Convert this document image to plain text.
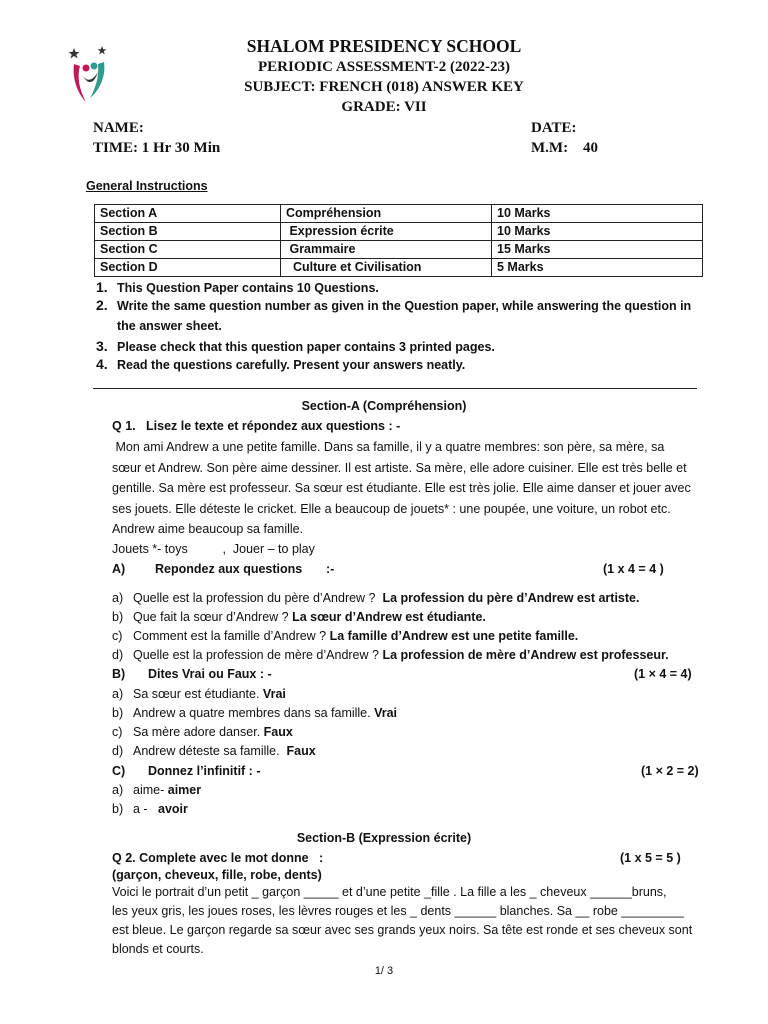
SHALOM PRESIDENCY SCHOOL
PERIODIC ASSESSMENT-2 (2022-23)
SUBJECT: FRENCH (018) ANSWER KEY
GRADE: VII
NAME:	DATE:
TIME: 1 Hr 30 Min	M.M:    40
General Instructions
Section A	Compréhension	10 Marks
Section B	Expression écrite	10 Marks
Section C	Grammaire	15 Marks
Section D	Culture et Civilisation	5 Marks
1. This Question Paper contains 10 Questions.
2. Write the same question number as given in the Question paper, while answering the question in
the answer sheet.
3. Please check that this question paper contains 3 printed pages.
4. Read the questions carefully. Present your answers neatly.
Section-A (Compréhension)
Q 1.   Lisez le texte et répondez aux questions : -
Mon ami Andrew a une petite famille. Dans sa famille, il y a quatre membres: son père, sa mère, sa
sœur et Andrew. Son père aime dessiner. Il est artiste. Sa mère, elle adore cuisiner. Elle est très belle et
gentille. Sa mère est professeur. Sa sœur est étudiante. Elle est très jolie. Elle aime danser et jouer avec
ses jouets. Elle déteste le cricket. Elle a beaucoup de jouets* : une poupée, une voiture, un robot etc.
Andrew aime beaucoup sa famille.
Jouets *- toys          ,  Jouer – to play
A) Repondez aux questions :-	(1 x 4 = 4 )
a) Quelle est la profession du père d’Andrew ?  La profession du père d’Andrew est artiste.
b) Que fait la sœur d’Andrew ? La sœur d’Andrew est étudiante.
c) Comment est la famille d’Andrew ? La famille d’Andrew est une petite famille.
d) Quelle est la profession de mère d’Andrew ? La profession de mère d’Andrew est professeur.
B) Dites Vrai ou Faux : -	(1 × 4 = 4)
a) Sa sœur est étudiante. Vrai
b) Andrew a quatre membres dans sa famille. Vrai
c) Sa mère adore danser. Faux
d) Andrew déteste sa famille.  Faux
C) Donnez l’infinitif : -	(1 × 2 = 2)
a) aime- aimer
b) a -   avoir
Section-B (Expression écrite)
Q 2. Complete avec le mot donne   :	(1 x 5 = 5 )
(garçon, cheveux, fille, robe, dents)
Voici le portrait d’un petit _ garçon _____ et d’une petite _fille . La fille a les _ cheveux ______bruns,
les yeux gris, les joues roses, les lèvres rouges et les _ dents ______ blanches. Sa __ robe _________
est bleue. Le garçon regarde sa sœur avec ses grands yeux noirs. Sa tête est ronde et ses cheveux sont
blonds et courts.
1/ 3
